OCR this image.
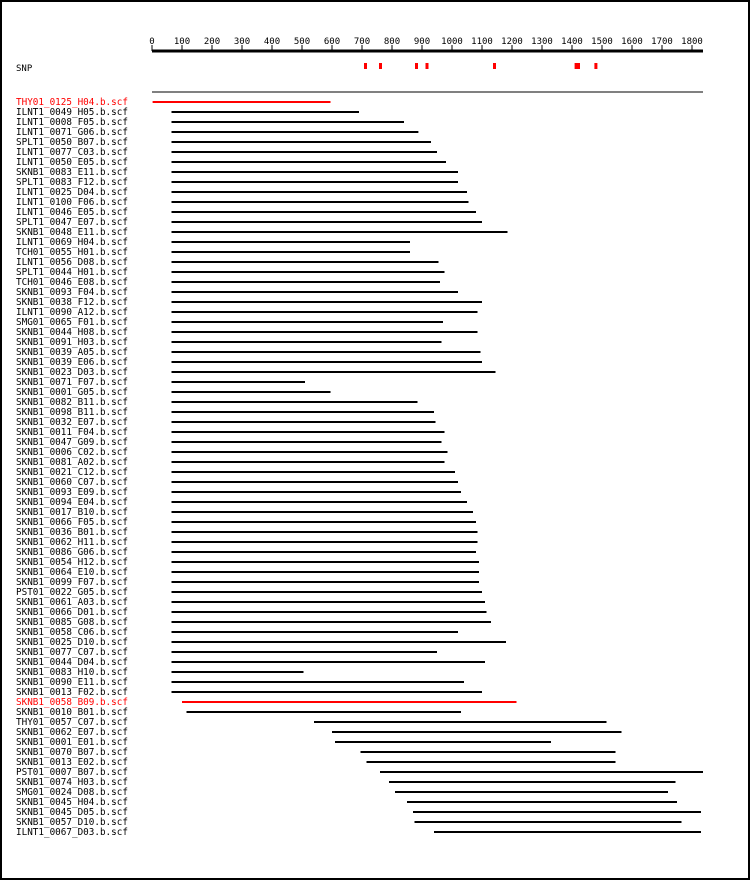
SNP
0 100 200 300 400 500 600 700 800 900 1000 1100 1200 1300 1400 1500 1600 1700 1800
THY01_0125_H04.b.scf
ILNT1_0049_H05.b.scf
ILNT1_0008_F05.b.scf
ILNT1_0071_G06.b.scf
SPLT1_0050_B07.b.scf
ILNT1_0077_C03.b.scf
ILNT1_0050_E05.b.scf
SKNB1_0083_E11.b.scf
SPLT1_0083_F12.b.scf
ILNT1_0025_D04.b.scf
ILNT1_0100_F06.b.scf
ILNT1_0046_E05.b.scf
SPLT1_0047_E07.b.scf
SKNB1_0048_E11.b.scf
ILNT1_0069_H04.b.scf
TCH01_0055_H01.b.scf
ILNT1_0056_D08.b.scf
SPLT1_0044_H01.b.scf
TCH01_0046_E08.b.scf
SKNB1_0093_F04.b.scf
SKNB1_0038_F12.b.scf
ILNT1_0090_A12.b.scf
SMG01_0065_F01.b.scf
SKNB1_0044_H08.b.scf
SKNB1_0091_H03.b.scf
SKNB1_0039_A05.b.scf
SKNB1_0039_E06.b.scf
SKNB1_0023_D03.b.scf
SKNB1_0071_F07.b.scf
SKNB1_0001_G05.b.scf
SKNB1_0082_B11.b.scf
SKNB1_0098_B11.b.scf
SKNB1_0032_E07.b.scf
SKNB1_0011_F04.b.scf
SKNB1_0047_G09.b.scf
SKNB1_0006_C02.b.scf
SKNB1_0081_A02.b.scf
SKNB1_0021_C12.b.scf
SKNB1_0060_C07.b.scf
SKNB1_0093_E09.b.scf
SKNB1_0094_E04.b.scf
SKNB1_0017_B10.b.scf
SKNB1_0066_F05.b.scf
SKNB1_0036_B01.b.scf
SKNB1_0062_H11.b.scf
SKNB1_0086_G06.b.scf
SKNB1_0054_H12.b.scf
SKNB1_0064_E10.b.scf
SKNB1_0099_F07.b.scf
PST01_0022_G05.b.scf
SKNB1_0061_A03.b.scf
SKNB1_0066_D01.b.scf
SKNB1_0085_G08.b.scf
SKNB1_0058_C06.b.scf
SKNB1_0025_D10.b.scf
SKNB1_0077_C07.b.scf
SKNB1_0044_D04.b.scf
SKNB1_0083_H10.b.scf
SKNB1_0090_E11.b.scf
SKNB1_0013_F02.b.scf
SKNB1_0058_B09.b.scf
SKNB1_0010_B01.b.scf
THY01_0057_C07.b.scf
SKNB1_0062_E07.b.scf
SKNB1_0001_E01.b.scf
SKNB1_0070_B07.b.scf
SKNB1_0013_E02.b.scf
PST01_0007_B07.b.scf
SKNB1_0074_H03.b.scf
SMG01_0024_D08.b.scf
SKNB1_0045_H04.b.scf
SKNB1_0045_D05.b.scf
SKNB1_0057_D10.b.scf
ILNT1_0067_D03.b.scf
